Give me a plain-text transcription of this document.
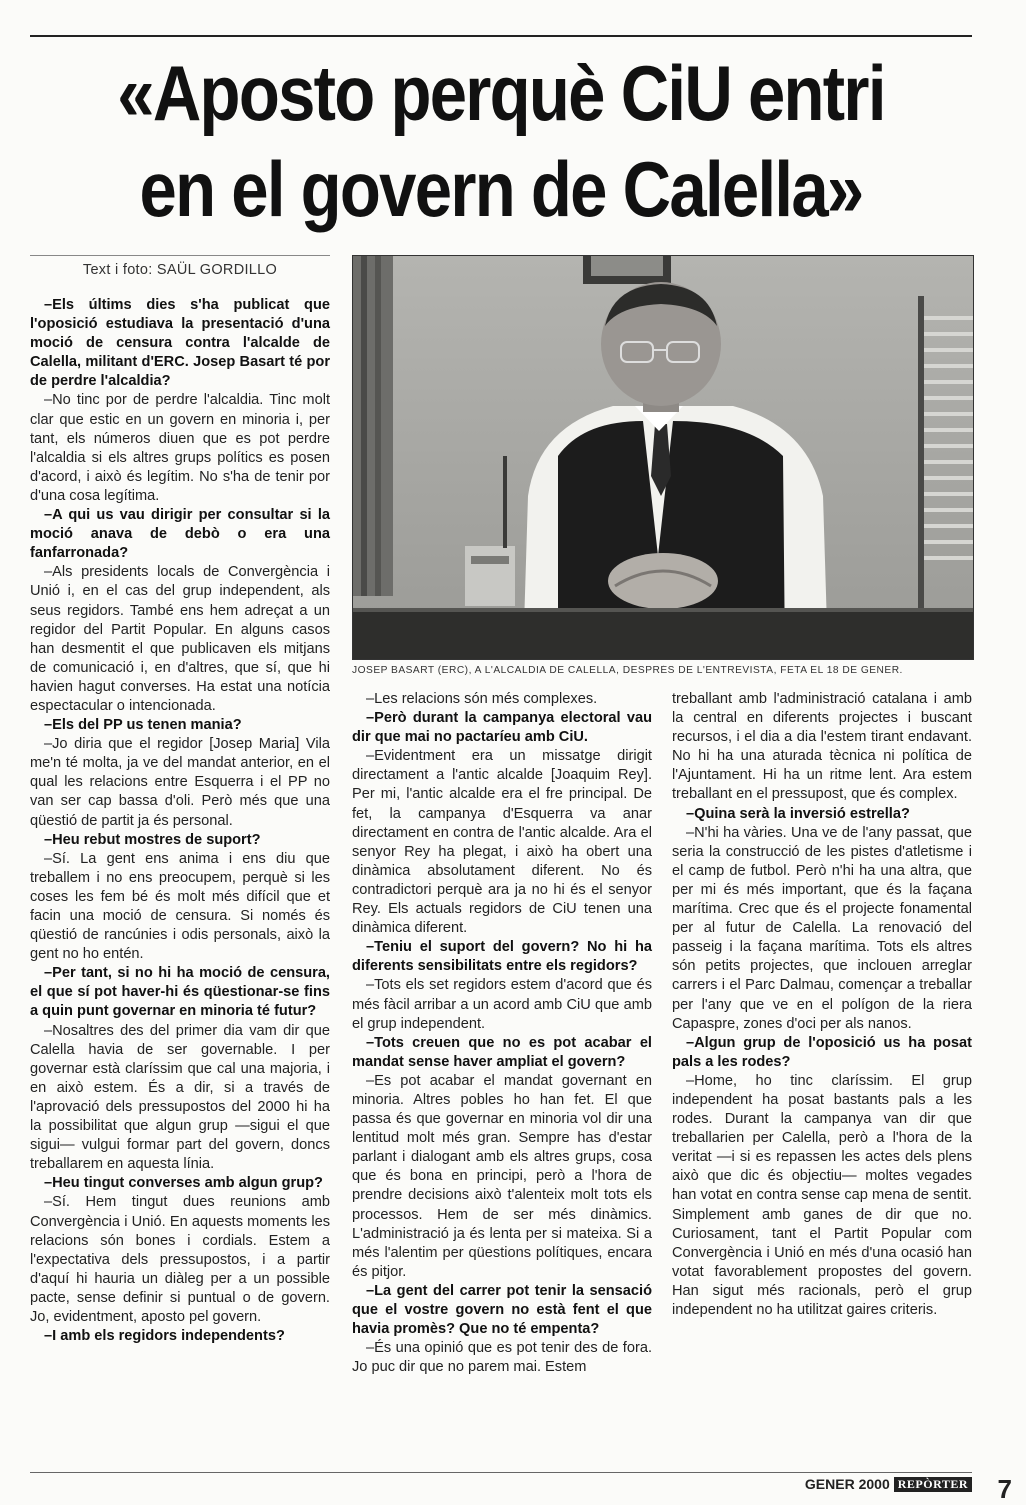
«Aposto perquè CiU entri
en el govern de Calella»
Text i foto: SAÜL GORDILLO

–Els últims dies s'ha publicat que l'oposició estudiava la presentació d'una moció de censura contra l'alcalde de Calella, militant d'ERC. Josep Basart té por de perdre l'alcaldia?

–No tinc por de perdre l'alcaldia. Tinc molt clar que estic en un govern en minoria i, per tant, els números diuen que es pot perdre l'alcaldia si els altres grups polítics es posen d'acord, i això és legítim. No s'ha de tenir por d'una cosa legítima.

–A qui us vau dirigir per consultar si la moció anava de debò o era una fanfarronada?

–Als presidents locals de Convergència i Unió i, en el cas del grup independent, als seus regidors. També ens hem adreçat a un regidor del Partit Popular. En alguns casos han desmentit el que publicaven els mitjans de comunicació i, en d'altres, que sí, que hi havien hagut converses. Ha estat una notícia espectacular o intencionada.

–Els del PP us tenen mania?

–Jo diria que el regidor [Josep Maria] Vila me'n té molta, ja ve del mandat anterior, en el qual les relacions entre Esquerra i el PP no van ser cap bassa d'oli. Però més que una qüestió de partit ja és personal.

–Heu rebut mostres de suport?

–Sí. La gent ens anima i ens diu que treballem i no ens preocupem, perquè si les coses les fem bé és molt més difícil que et facin una moció de censura. Si només és qüestió de rancúnies i odis personals, això la gent no ho entén.

–Per tant, si no hi ha moció de censura, el que sí pot haver-hi és qüestionar-se fins a quin punt governar en minoria té futur?

–Nosaltres des del primer dia vam dir que Calella havia de ser governable. I per governar està claríssim que cal una majoria, i en això estem. És a dir, si a través de l'aprovació dels pressupostos del 2000 hi ha la possibilitat que algun grup —sigui el que sigui— vulgui formar part del govern, doncs treballarem en aquesta línia.

–Heu tingut converses amb algun grup?

–Sí. Hem tingut dues reunions amb Convergència i Unió. En aquests moments les relacions són bones i cordials. Estem a l'expectativa dels pressupostos, i a partir d'aquí hi hauria un diàleg per a un possible pacte, sense definir si puntual o de govern. Jo, evidentment, aposto pel govern.

–I amb els regidors independents?

JOSEP BASART (ERC), A L'ALCALDIA DE CALELLA, DESPRÉS DE L'ENTREVISTA, FETA EL 18 DE GENER.

–Les relacions són més complexes.

–Però durant la campanya electoral vau dir que mai no pactaríeu amb CiU.

–Evidentment era un missatge dirigit directament a l'antic alcalde [Joaquim Rey]. Per mi, l'antic alcalde era el fre principal. De fet, la campanya d'Esquerra va anar directament en contra de l'antic alcalde. Ara el senyor Rey ha plegat, i això ha obert una dinàmica absolutament diferent. No és contradictori perquè ara ja no hi és el senyor Rey. Els actuals regidors de CiU tenen una dinàmica diferent.

–Teniu el suport del govern? No hi ha diferents sensibilitats entre els regidors?

–Tots els set regidors estem d'acord que és més fàcil arribar a un acord amb CiU que amb el grup independent.

–Tots creuen que no es pot acabar el mandat sense haver ampliat el govern?

–Es pot acabar el mandat governant en minoria. Altres pobles ho han fet. El que passa és que governar en minoria vol dir una lentitud molt més gran. Sempre has d'estar parlant i dialogant amb els altres grups, cosa que és bona en principi, però a l'hora de prendre decisions això t'alenteix molt tots els processos. Hem de ser més dinàmics. L'administració ja és lenta per si mateixa. Si a més l'alentim per qüestions polítiques, encara és pitjor.

–La gent del carrer pot tenir la sensació que el vostre govern no està fent el que havia promès? Que no té empenta?

–És una opinió que es pot tenir des de fora. Jo puc dir que no parem mai. Estem

treballant amb l'administració catalana i amb la central en diferents projectes i buscant recursos, i el dia a dia l'estem tirant endavant. No hi ha una aturada tècnica ni política de l'Ajuntament. Hi ha un ritme lent. Ara estem treballant en el pressupost, que és complex.

–Quina serà la inversió estrella?

–N'hi ha vàries. Una ve de l'any passat, que seria la construcció de les pistes d'atletisme i el camp de futbol. Però n'hi ha una altra, que per mi és més important, que és la façana marítima. Crec que és el projecte fonamental per al futur de Calella. La renovació del passeig i la façana marítima. Tots els altres són petits projectes, que inclouen arreglar carrers i el Parc Dalmau, començar a treballar per l'any que ve en el polígon de la riera Capaspre, zones d'oci per als nanos.

–Algun grup de l'oposició us ha posat pals a les rodes?

–Home, ho tinc claríssim. El grup independent ha posat bastants pals a les rodes. Durant la campanya van dir que treballarien per Calella, però a l'hora de la veritat —i si es repassen les actes dels plens això que dic és objectiu— moltes vegades han votat en contra sense cap mena de sentit. Simplement amb ganes de dir que no. Curiosament, tant el Partit Popular com Convergència i Unió en més d'una ocasió han votat favorablement propostes del govern. Han sigut més racionals, però el grup independent no ha utilitzat gaires criteris.

GENER 2000 REPÒRTER 7
